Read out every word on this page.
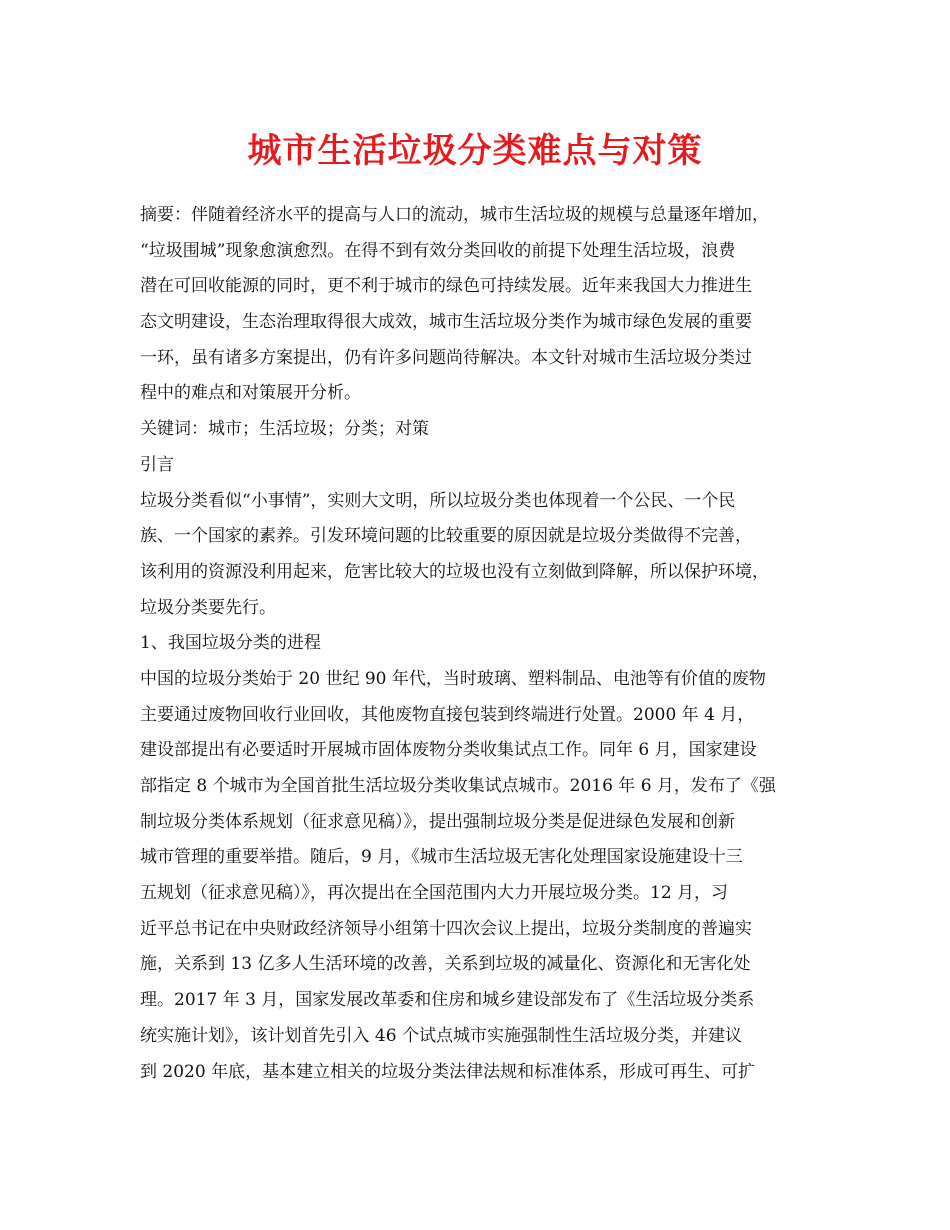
城市生活垃圾分类难点与对策
摘要：伴随着经济水平的提高与人口的流动，城市生活垃圾的规模与总量逐年增加，
“垃圾围城”现象愈演愈烈。在得不到有效分类回收的前提下处理生活垃圾，浪费
潜在可回收能源的同时，更不利于城市的绿色可持续发展。近年来我国大力推进生
态文明建设，生态治理取得很大成效，城市生活垃圾分类作为城市绿色发展的重要
一环，虽有诸多方案提出，仍有许多问题尚待解决。本文针对城市生活垃圾分类过
程中的难点和对策展开分析。
关键词：城市；生活垃圾；分类；对策
引言
垃圾分类看似“小事情”，实则大文明，所以垃圾分类也体现着一个公民、一个民
族、一个国家的素养。引发环境问题的比较重要的原因就是垃圾分类做得不完善，
该利用的资源没利用起来，危害比较大的垃圾也没有立刻做到降解，所以保护环境，
垃圾分类要先行。
1、我国垃圾分类的进程
中国的垃圾分类始于 20 世纪 90 年代，当时玻璃、塑料制品、电池等有价值的废物
主要通过废物回收行业回收，其他废物直接包装到终端进行处置。2000 年 4 月，
建设部提出有必要适时开展城市固体废物分类收集试点工作。同年 6 月，国家建设
部指定 8 个城市为全国首批生活垃圾分类收集试点城市。2016 年 6 月，发布了《强
制垃圾分类体系规划（征求意见稿）》，提出强制垃圾分类是促进绿色发展和创新
城市管理的重要举措。随后，9 月，《城市生活垃圾无害化处理国家设施建设十三
五规划（征求意见稿）》，再次提出在全国范围内大力开展垃圾分类。12 月，习
近平总书记在中央财政经济领导小组第十四次会议上提出，垃圾分类制度的普遍实
施，关系到 13 亿多人生活环境的改善，关系到垃圾的减量化、资源化和无害化处
理。2017 年 3 月，国家发展改革委和住房和城乡建设部发布了《生活垃圾分类系
统实施计划》，该计划首先引入 46 个试点城市实施强制性生活垃圾分类，并建议
到 2020 年底，基本建立相关的垃圾分类法律法规和标准体系，形成可再生、可扩
